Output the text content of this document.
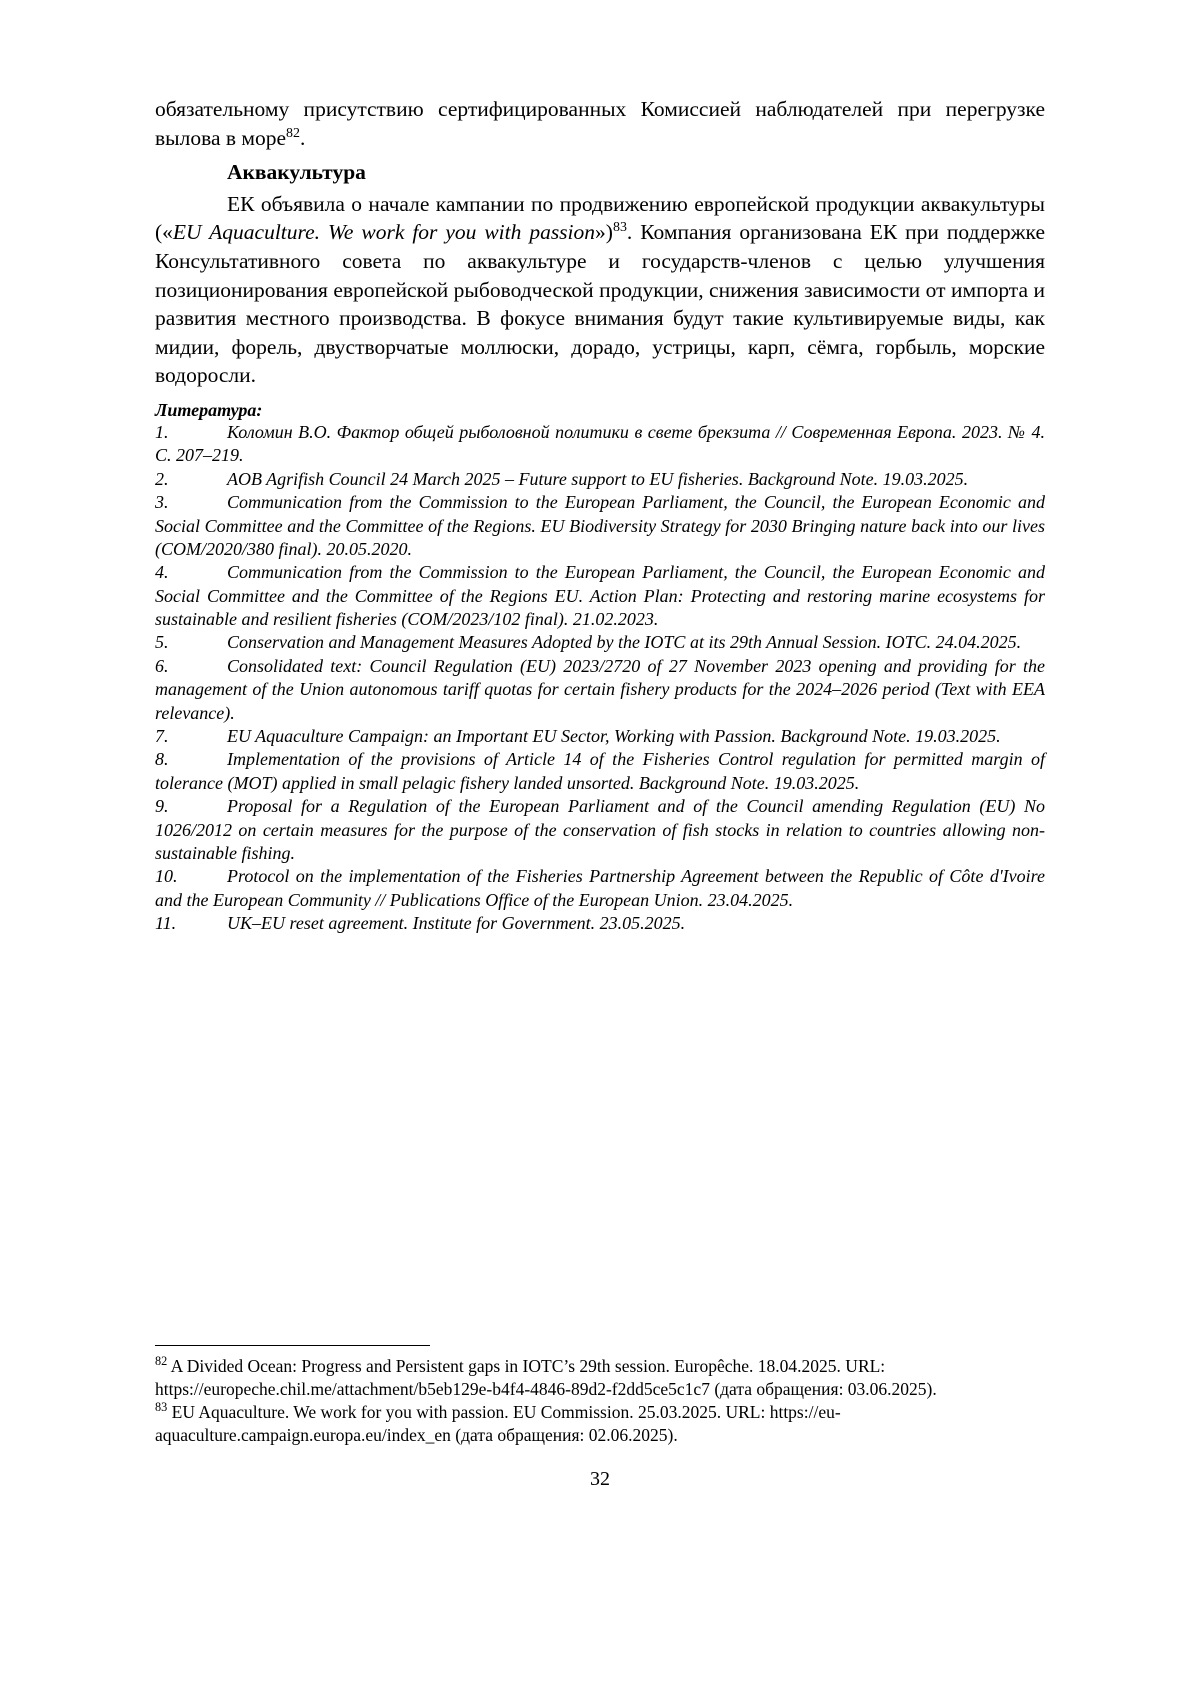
обязательному присутствию сертифицированных Комиссией наблюдателей при перегрузке вылова в море$^{82}$.

Аквакультура

ЕК объявила о начале кампании по продвижению европейской продукции аквакультуры («EU Aquaculture. We work for you with passion»)$^{83}$. Компания организована ЕК при поддержке Консультативного совета по аквакультуре и государств-членов с целью улучшения позиционирования европейской рыбоводческой продукции, снижения зависимости от импорта и развития местного производства. В фокусе внимания будут такие культивируемые виды, как мидии, форель, двустворчатые моллюски, дорадо, устрицы, карп, сёмга, горбыль, морские водоросли.

Литература:

1.	Коломин В.О. Фактор общей рыболовной политики в свете брекзита // Современная Европа. 2023. № 4. С. 207–219.
2.	AOB Agrifish Council 24 March 2025 – Future support to EU fisheries. Background Note. 19.03.2025.
3.	Communication from the Commission to the European Parliament, the Council, the European Economic and Social Committee and the Committee of the Regions. EU Biodiversity Strategy for 2030 Bringing nature back into our lives (COM/2020/380 final). 20.05.2020.
4.	Communication from the Commission to the European Parliament, the Council, the European Economic and Social Committee and the Committee of the Regions EU. Action Plan: Protecting and restoring marine ecosystems for sustainable and resilient fisheries (COM/2023/102 final). 21.02.2023.
5.	Conservation and Management Measures Adopted by the IOTC at its 29th Annual Session. IOTC. 24.04.2025.
6.	Consolidated text: Council Regulation (EU) 2023/2720 of 27 November 2023 opening and providing for the management of the Union autonomous tariff quotas for certain fishery products for the 2024–2026 period (Text with EEA relevance).
7.	EU Aquaculture Campaign: an Important EU Sector, Working with Passion. Background Note. 19.03.2025.
8.	Implementation of the provisions of Article 14 of the Fisheries Control regulation for permitted margin of tolerance (MOT) applied in small pelagic fishery landed unsorted. Background Note. 19.03.2025.
9.	Proposal for a Regulation of the European Parliament and of the Council amending Regulation (EU) No 1026/2012 on certain measures for the purpose of the conservation of fish stocks in relation to countries allowing non-sustainable fishing.
10.	Protocol on the implementation of the Fisheries Partnership Agreement between the Republic of Côte d'Ivoire and the European Community // Publications Office of the European Union. 23.04.2025.
11.	UK–EU reset agreement. Institute for Government. 23.05.2025.

$^{82}$ A Divided Ocean: Progress and Persistent gaps in IOTC’s 29th session. Europêche. 18.04.2025. URL: https://europeche.chil.me/attachment/b5eb129e-b4f4-4846-89d2-f2dd5ce5c1c7 (дата обращения: 03.06.2025).

$^{83}$ EU Aquaculture. We work for you with passion. EU Commission. 25.03.2025. URL: https://eu-aquaculture.campaign.europa.eu/index_en (дата обращения: 02.06.2025).

32
